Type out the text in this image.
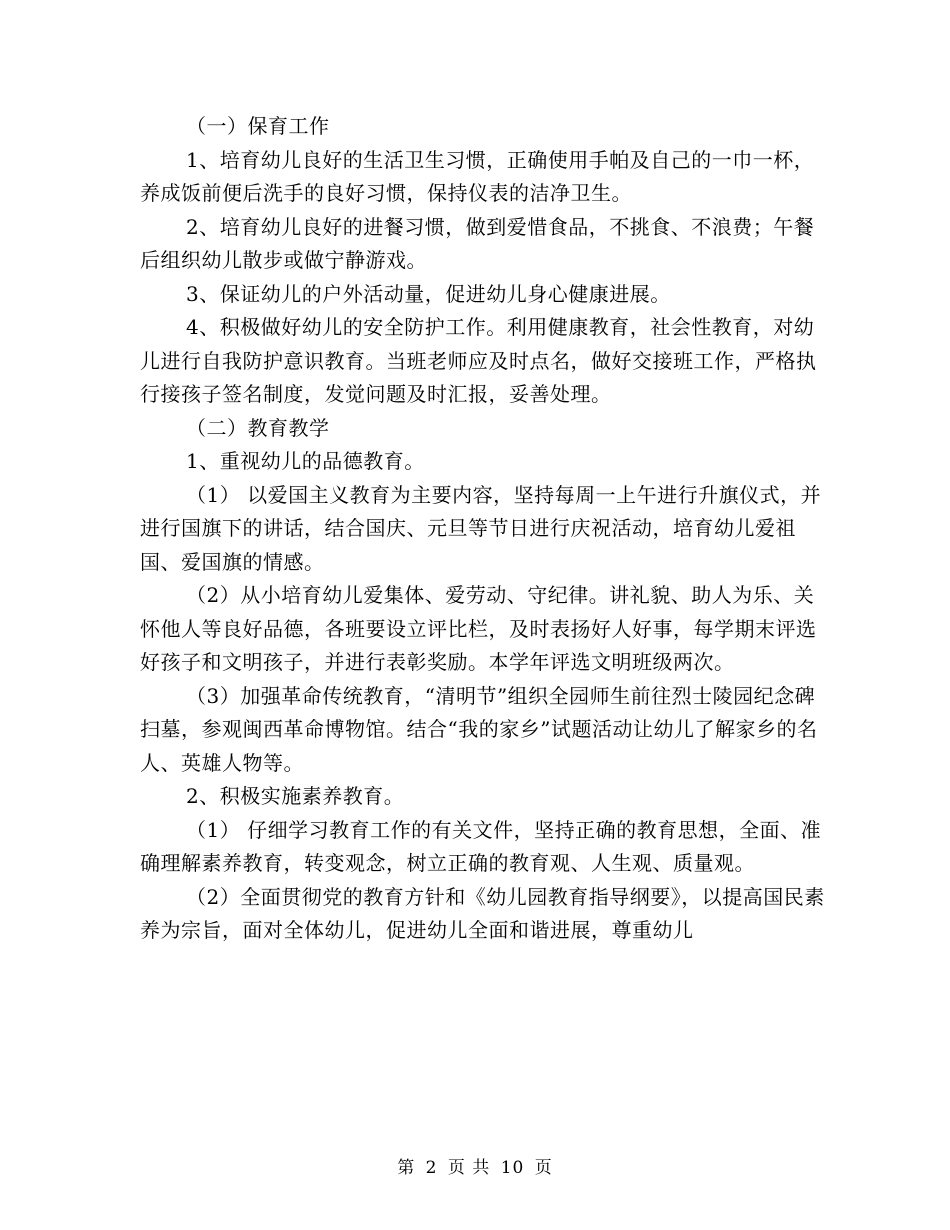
（一）保育工作

1、培育幼儿良好的生活卫生习惯，正确使用手帕及自己的一巾一杯，养成饭前便后洗手的良好习惯，保持仪表的洁净卫生。

2、培育幼儿良好的进餐习惯，做到爱惜食品，不挑食、不浪费；午餐后组织幼儿散步或做宁静游戏。

3、保证幼儿的户外活动量，促进幼儿身心健康进展。

4、积极做好幼儿的安全防护工作。利用健康教育，社会性教育，对幼儿进行自我防护意识教育。当班老师应及时点名，做好交接班工作，严格执行接孩子签名制度，发觉问题及时汇报，妥善处理。

（二）教育教学

1、重视幼儿的品德教育。

（1） 以爱国主义教育为主要内容，坚持每周一上午进行升旗仪式，并进行国旗下的讲话，结合国庆、元旦等节日进行庆祝活动，培育幼儿爱祖国、爱国旗的情感。

（2）从小培育幼儿爱集体、爱劳动、守纪律。讲礼貌、助人为乐、关怀他人等良好品德，各班要设立评比栏，及时表扬好人好事，每学期末评选好孩子和文明孩子，并进行表彰奖励。本学年评选文明班级两次。

（3）加强革命传统教育，“清明节”组织全园师生前往烈士陵园纪念碑扫墓，参观闽西革命博物馆。结合“我的家乡”试题活动让幼儿了解家乡的名人、英雄人物等。

2、积极实施素养教育。

（1） 仔细学习教育工作的有关文件，坚持正确的教育思想，全面、准确理解素养教育，转变观念，树立正确的教育观、人生观、质量观。

（2）全面贯彻党的教育方针和《幼儿园教育指导纲要》，以提高国民素养为宗旨，面对全体幼儿，促进幼儿全面和谐进展，尊重幼儿

第 2 页 共 10 页
